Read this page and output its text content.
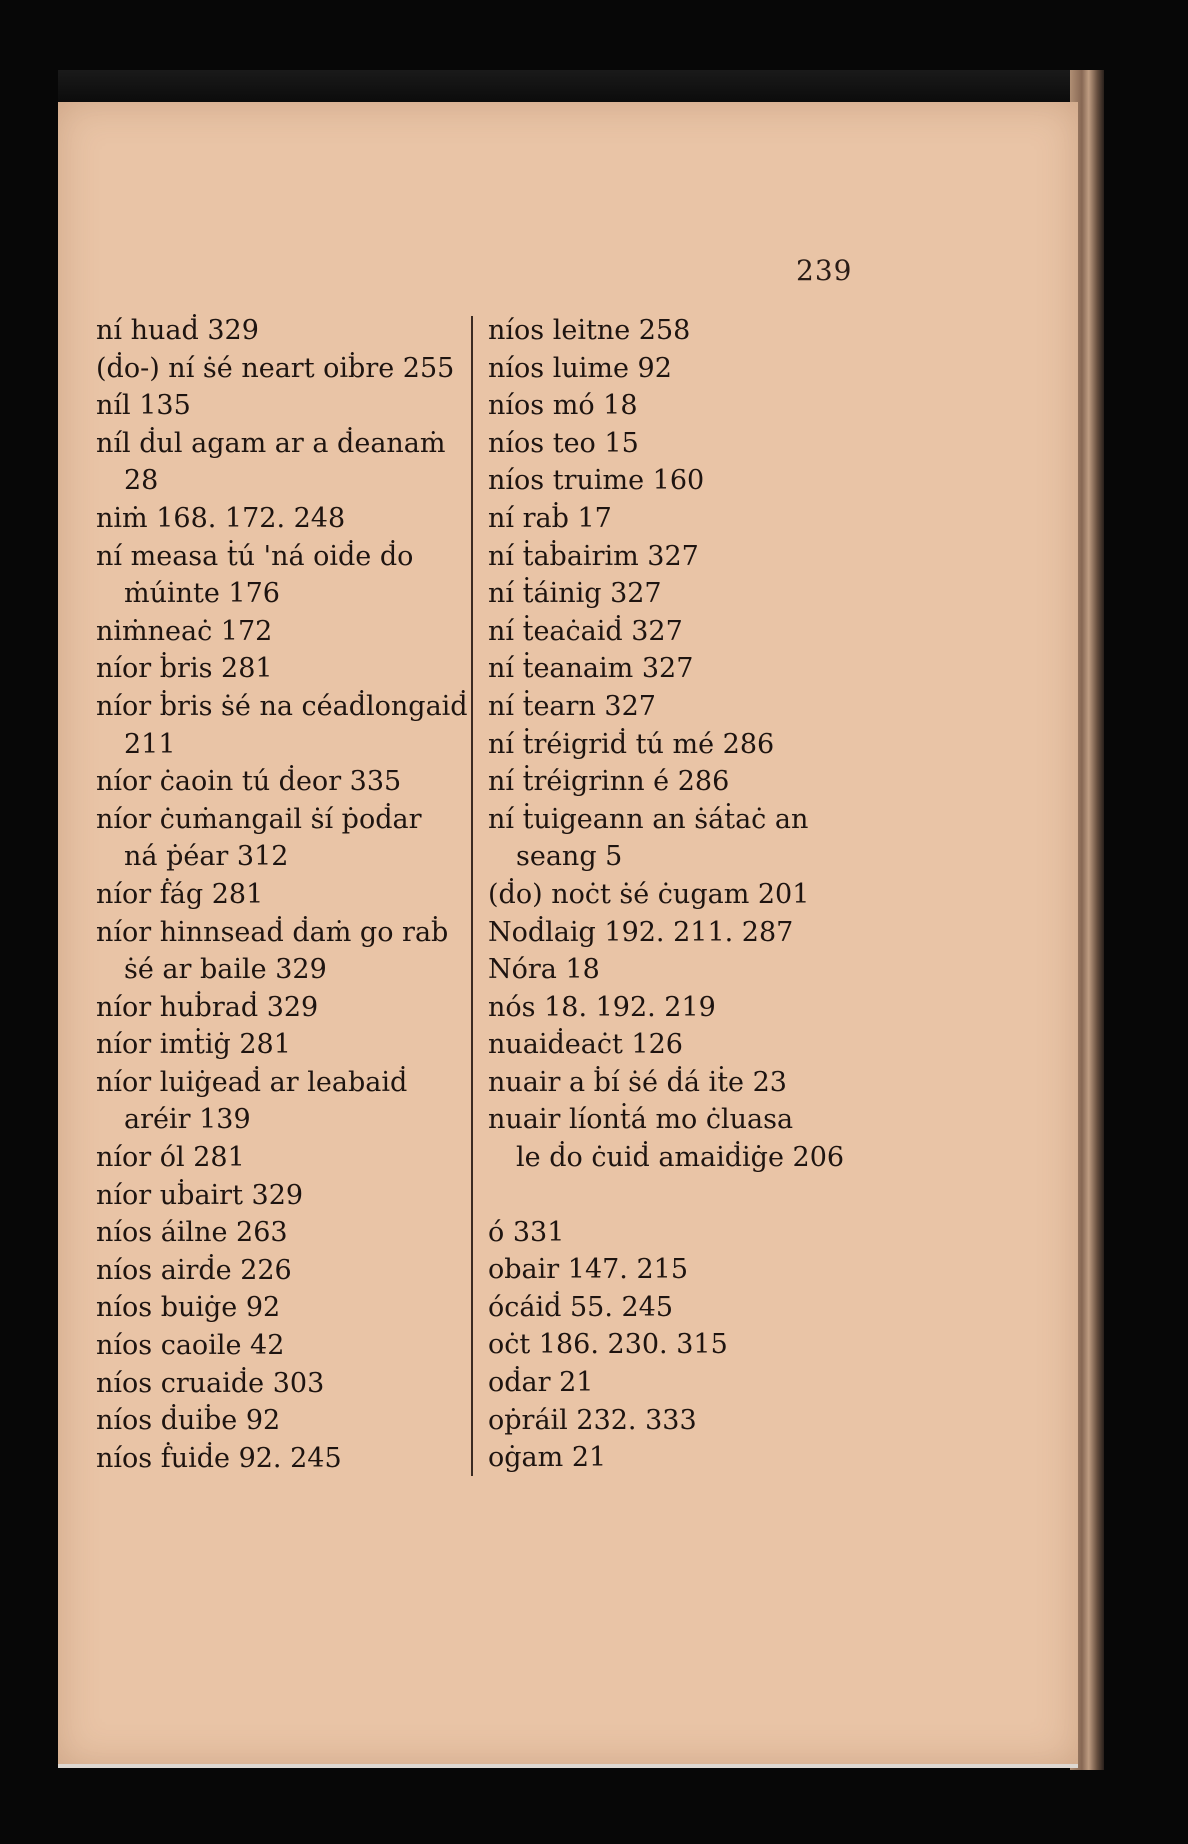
239
ní huaḋ 329
(ḋo-) ní ṡé neart oiḃre 255
níl 135
níl ḋul agam ar a ḋeanaṁ
28
niṁ 168. 172. 248
ní measa ṫú 'ná oiḋe ḋo
ṁúinte 176
niṁneaċ 172
níor ḃris 281
níor ḃris ṡé na céaḋlongaiḋ
211
níor ċaoin tú ḋeor 335
níor ċuṁangail ṡí ṗoḋar
ná ṗéar 312
níor ḟág 281
níor hinnseaḋ ḋaṁ go raḃ
ṡé ar baile 329
níor huḃraḋ 329
níor imṫiġ 281
níor luiġeaḋ ar leabaiḋ
aréir 139
níor ól 281
níor uḃairt 329
níos áilne 263
níos airḋe 226
níos buiġe 92
níos caoile 42
níos cruaiḋe 303
níos ḋuiḃe 92
níos ḟuiḋe 92. 245
níos leitne 258
níos luime 92
níos mó 18
níos teo 15
níos truime 160
ní raḃ 17
ní ṫaḃairim 327
ní ṫáinig 327
ní ṫeaċaiḋ 327
ní ṫeanaim 327
ní ṫearn 327
ní ṫréigriḋ tú mé 286
ní ṫréigrinn é 286
ní ṫuigeann an ṡáṫaċ an
seang 5
(ḋo) noċt ṡé ċugam 201
Noḋlaig 192. 211. 287
Nóra 18
nós 18. 192. 219
nuaiḋeaċt 126
nuair a ḃí ṡé ḋá iṫe 23
nuair líonṫá mo ċluasa
le ḋo ċuiḋ amaiḋiġe 206
ó 331
obair 147. 215
ócáiḋ 55. 245
oċt 186. 230. 315
oḋar 21
oṗráil 232. 333
oġam 21
